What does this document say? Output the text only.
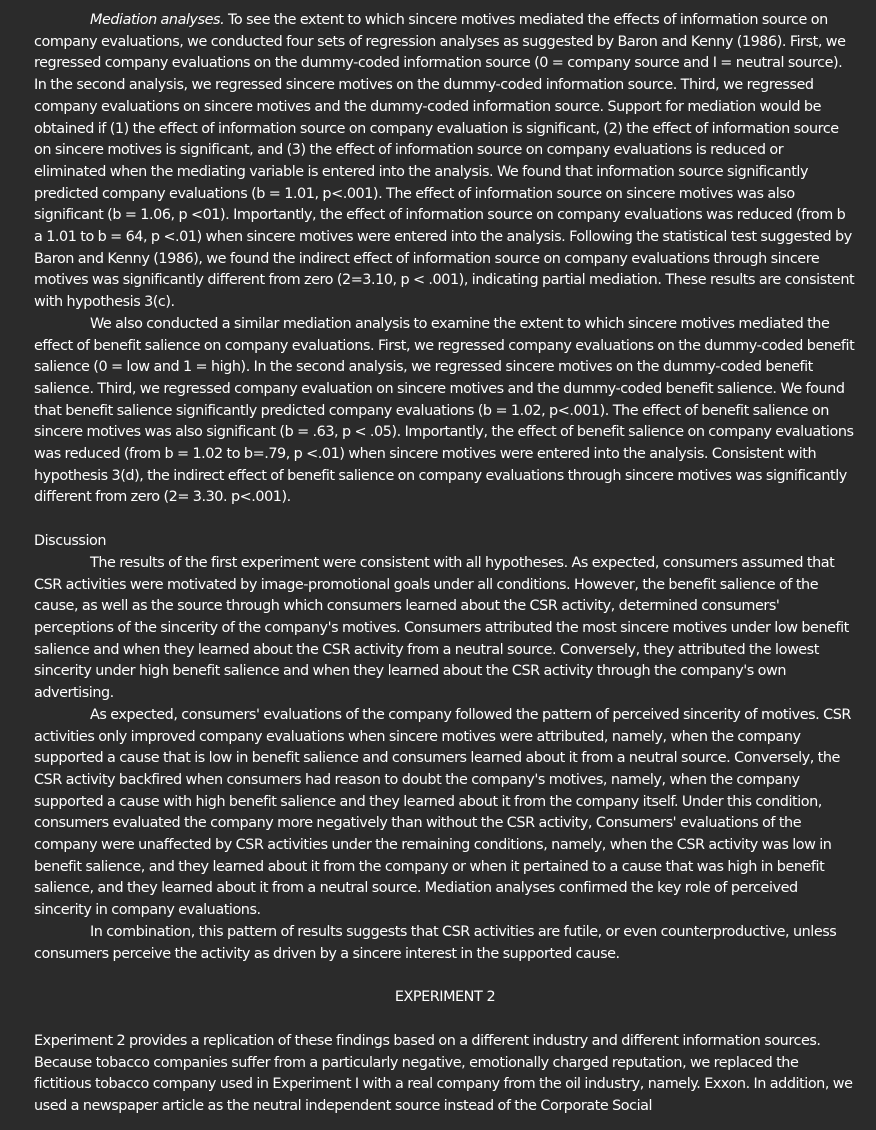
Mediation analyses. To see the extent to which sincere motives mediated the effects of information source on company evaluations, we conducted four sets of regression analyses as suggested by Baron and Kenny (1986). First, we regressed company evaluations on the dummy-coded information source (0 = company source and I = neutral source). In the second analysis, we regressed sincere motives on the dummy-coded information source. Third, we regressed company evaluations on sincere motives and the dummy-coded information source. Support for mediation would be obtained if (1) the effect of information source on company evaluation is significant, (2) the effect of information source on sincere motives is significant, and (3) the effect of information source on company evaluations is reduced or eliminated when the mediating variable is entered into the analysis. We found that information source significantly predicted company evaluations (b = 1.01, p<.001). The effect of information source on sincere motives was also significant (b = 1.06, p <01). Importantly, the effect of information source on company evaluations was reduced (from b a 1.01 to b = 64, p <.01) when sincere motives were entered into the analysis. Following the statistical test suggested by Baron and Kenny (1986), we found the indirect effect of information source on company evaluations through sincere motives was significantly different from zero (2=3.10, p < .001), indicating partial mediation. These results are consistent with hypothesis 3(c).

We also conducted a similar mediation analysis to examine the extent to which sincere motives mediated the effect of benefit salience on company evaluations. First, we regressed company evaluations on the dummy-coded benefit salience (0 = low and 1 = high). In the second analysis, we regressed sincere motives on the dummy-coded benefit salience. Third, we regressed company evaluation on sincere motives and the dummy-coded benefit salience. We found that benefit salience significantly predicted company evaluations (b = 1.02, p<.001). The effect of benefit salience on sincere motives was also significant (b = .63, p < .05). Importantly, the effect of benefit salience on company evaluations was reduced (from b = 1.02 to b=.79, p <.01) when sincere motives were entered into the analysis. Consistent with hypothesis 3(d), the indirect effect of benefit salience on company evaluations through sincere motives was significantly different from zero (2= 3.30. p<.001).

Discussion

The results of the first experiment were consistent with all hypotheses. As expected, consumers assumed that CSR activities were motivated by image-promotional goals under all conditions. However, the benefit salience of the cause, as well as the source through which consumers learned about the CSR activity, determined consumers' perceptions of the sincerity of the company's motives. Consumers attributed the most sincere motives under low benefit salience and when they learned about the CSR activity from a neutral source. Conversely, they attributed the lowest sincerity under high benefit salience and when they learned about the CSR activity through the company's own advertising.

As expected, consumers' evaluations of the company followed the pattern of perceived sincerity of motives. CSR activities only improved company evaluations when sincere motives were attributed, namely, when the company supported a cause that is low in benefit salience and consumers learned about it from a neutral source. Conversely, the CSR activity backfired when consumers had reason to doubt the company's motives, namely, when the company supported a cause with high benefit salience and they learned about it from the company itself. Under this condition, consumers evaluated the company more negatively than without the CSR activity, Consumers' evaluations of the company were unaffected by CSR activities under the remaining conditions, namely, when the CSR activity was low in benefit salience, and they learned about it from the company or when it pertained to a cause that was high in benefit salience, and they learned about it from a neutral source. Mediation analyses confirmed the key role of perceived sincerity in company evaluations.

In combination, this pattern of results suggests that CSR activities are futile, or even counterproductive, unless consumers perceive the activity as driven by a sincere interest in the supported cause.

EXPERIMENT 2

Experiment 2 provides a replication of these findings based on a different industry and different information sources. Because tobacco companies suffer from a particularly negative, emotionally charged reputation, we replaced the fictitious tobacco company used in Experiment I with a real company from the oil industry, namely. Exxon. In addition, we used a newspaper article as the neutral independent source instead of the Corporate Social
